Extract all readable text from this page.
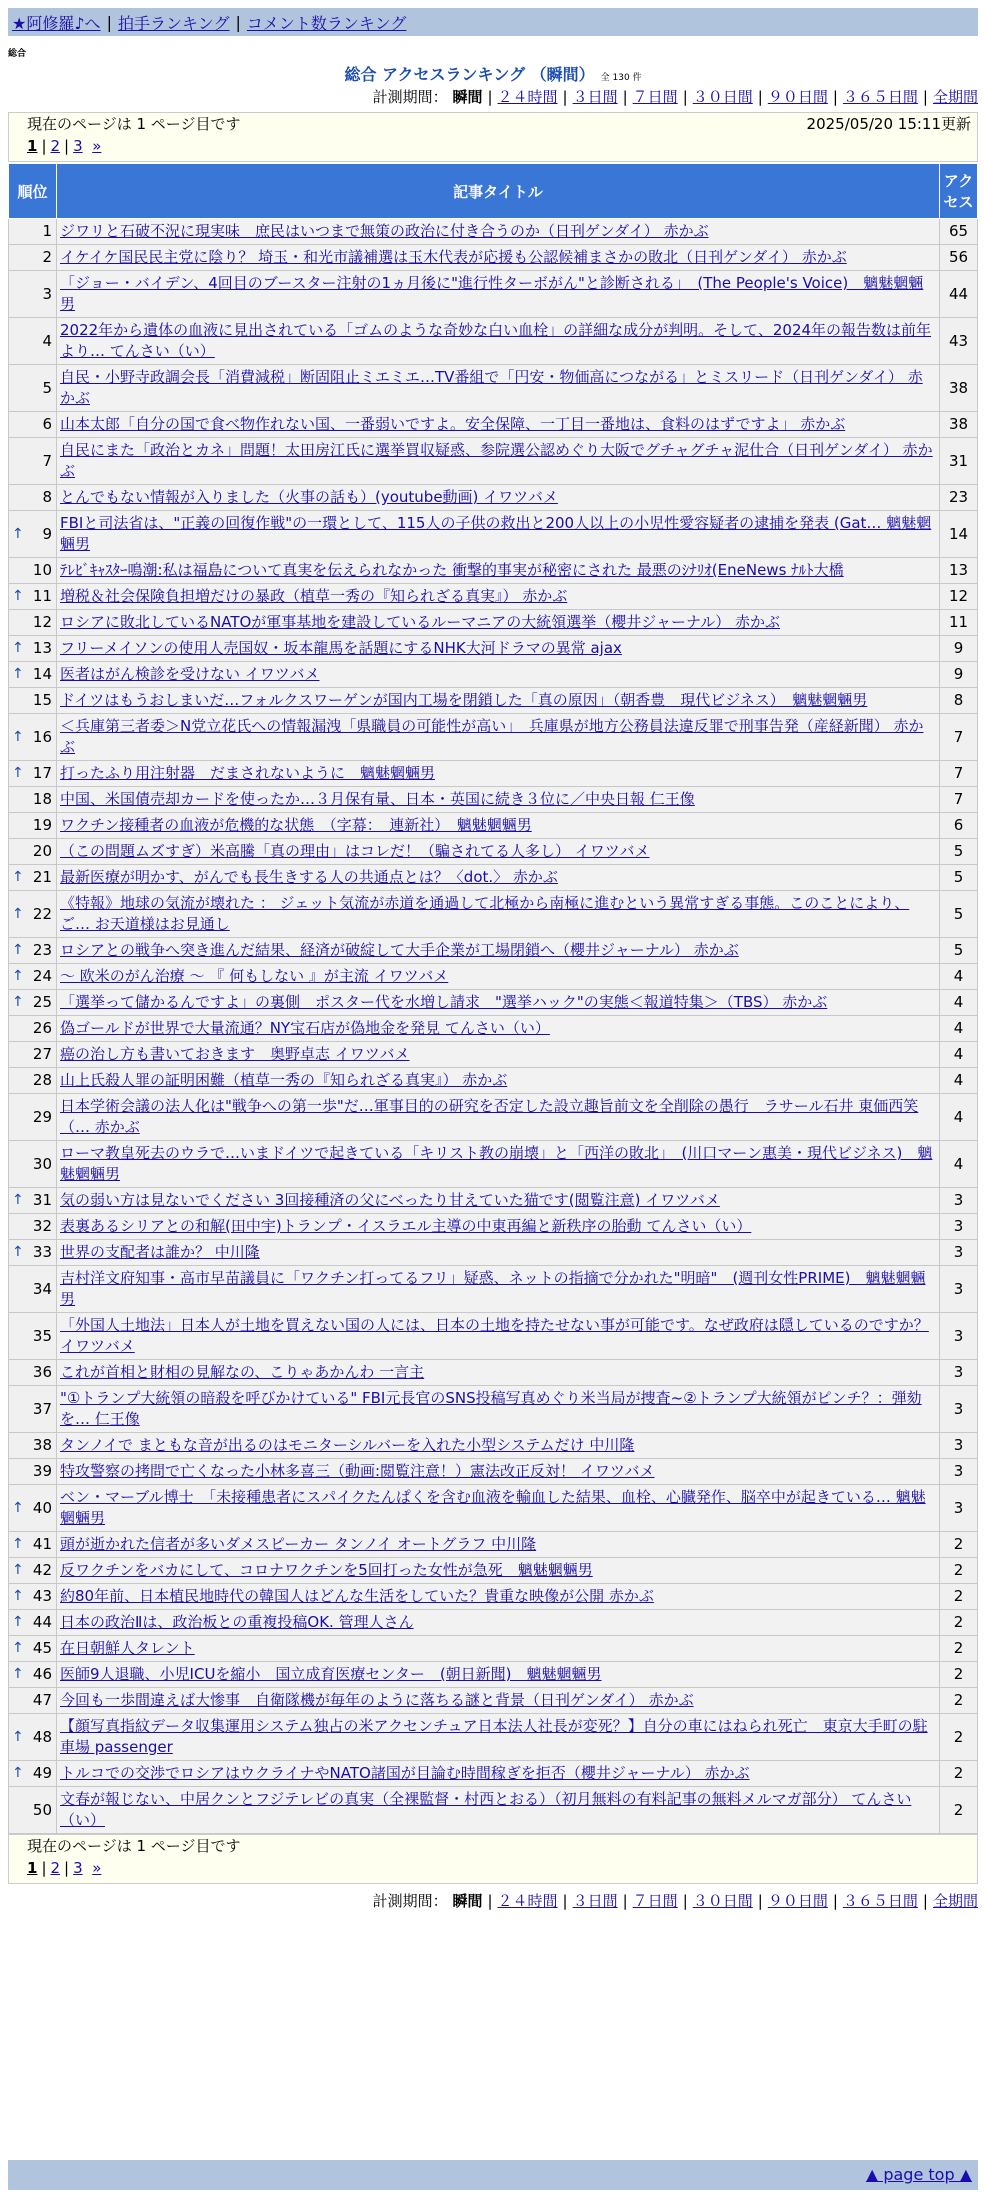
★阿修羅♪へ | 拍手ランキング | コメント数ランキング
総合
総合 アクセスランキング （瞬間） 全 130 件
計測期間： 瞬間 | ２４時間 | ３日間 | ７日間 | ３０日間 | ９０日間 | ３６５日間 | 全期間
現在のページは 1 ページ目です	2025/05/20 15:11更新
1 | 2 | 3 »
順位	記事タイトル	アクセス
1	ジワリと石破不況に現実味　庶民はいつまで無策の政治に付き合うのか（日刊ゲンダイ） 赤かぶ	65
2	イケイケ国民民主党に陰り？ 埼玉・和光市議補選は玉木代表が応援も公認候補まさかの敗北（日刊ゲンダイ） 赤かぶ	56
3	「ジョー・バイデン、4回目のブースター注射の1ヵ月後に"進行性ターボがん"と診断される」　(The People's Voice)　魑魅魍魎男	44
4	2022年から遺体の血液に見出されている「ゴムのような奇妙な白い血栓」の詳細な成分が判明。そして、2024年の報告数は前年より… てんさい（い）	43
5	自民・小野寺政調会長「消費減税」断固阻止ミエミエ…TV番組で「円安・物価高につながる」とミスリード（日刊ゲンダイ） 赤かぶ	38
6	山本太郎「自分の国で食べ物作れない国、一番弱いですよ。安全保障、一丁目一番地は、食料のはずですよ」 赤かぶ	38
7	自民にまた「政治とカネ」問題！太田房江氏に選挙買収疑惑、参院選公認めぐり大阪でグチャグチャ泥仕合（日刊ゲンダイ） 赤かぶ	31
8	とんでもない情報が入りました（火事の話も）(youtube動画) イワツバメ	23

↑ 9	FBIと司法省は、"正義の回復作戦"の一環として、115人の子供の救出と200人以上の小児性愛容疑者の逮捕を発表 (Gat… 魑魅魍魎男	14
10	ﾃﾚﾋﾞｷｬｽﾀｰ鳴潮:私は福島について真実を伝えられなかった 衝撃的事実が秘密にされた 最悪のｼﾅﾘｵ(EneNews ﾅﾙﾄ大橋	13

↑ 11	増税＆社会保険負担増だけの暴政（植草一秀の『知られざる真実』） 赤かぶ	12
12	ロシアに敗北しているNATOが軍事基地を建設しているルーマニアの大統領選挙（櫻井ジャーナル） 赤かぶ	11

↑ 13	フリーメイソンの使用人売国奴・坂本龍馬を話題にするNHK大河ドラマの異常 ajax	9

↑ 14	医者はがん検診を受けない イワツバメ	9
15	ドイツはもうおしまいだ…フォルクスワーゲンが国内工場を閉鎖した「真の原因」（朝香豊　現代ビジネス）　魑魅魍魎男	8

↑ 16	＜兵庫第三者委＞N党立花氏への情報漏洩「県職員の可能性が高い」　兵庫県が地方公務員法違反罪で刑事告発（産経新聞） 赤かぶ	7

↑ 17	打ったふり用注射器　だまされないように　魑魅魍魎男	7
18	中国、米国債売却カードを使ったか…３月保有量、日本・英国に続き３位に／中央日報 仁王像	7
19	ワクチン接種者の血液が危機的な状態　（字幕：　連新社）　魑魅魍魎男	6
20	（この問題ムズすぎ）米高騰「真の理由」はコレだ！（騙されてる人多し） イワツバメ	5

↑ 21	最新医療が明かす、がんでも長生きする人の共通点とは？〈dot.〉 赤かぶ	5

↑ 22	《特報》地球の気流が壊れた ： ジェット気流が赤道を通過して北極から南極に進むという異常すぎる事態。このことにより、ご… お天道様はお見通し	5

↑ 23	ロシアとの戦争へ突き進んだ結果、経済が破綻して大手企業が工場閉鎖へ（櫻井ジャーナル） 赤かぶ	5

↑ 24	～ 欧米のがん治療 ～ 『 何もしない 』が主流 イワツバメ	4

↑ 25	「選挙って儲かるんですよ」の裏側　ポスター代を水増し請求　"選挙ハック"の実態＜報道特集＞（TBS） 赤かぶ	4
26	偽ゴールドが世界で大量流通？NY宝石店が偽地金を発見 てんさい（い）	4
27	癌の治し方も書いておきます　奥野卓志 イワツバメ	4
28	山上氏殺人罪の証明困難（植草一秀の『知られざる真実』） 赤かぶ	4
29	日本学術会議の法人化は"戦争への第一歩"だ…軍事目的の研究を否定した設立趣旨前文を全削除の愚行　ラサール石井 東価西笑（… 赤かぶ	4
30	ローマ教皇死去のウラで…いまドイツで起きている「キリスト教の崩壊」と「西洋の敗北」　(川口マーン惠美・現代ビジネス)　魑魅魍魎男	4

↑ 31	気の弱い方は見ないでください 3回接種済の父にべったり甘えていた猫です(閲覧注意) イワツバメ	3
32	表裏あるシリアとの和解(田中宇)トランプ・イスラエル主導の中東再編と新秩序の胎動 てんさい（い）	3

↑ 33	世界の支配者は誰か？ 中川隆	3
34	吉村洋文府知事・高市早苗議員に「ワクチン打ってるフリ」疑惑、ネットの指摘で分かれた"明暗"　(週刊女性PRIME)　魑魅魍魎男	3
35	「外国人土地法」日本人が土地を買えない国の人には、日本の土地を持たせない事が可能です。なぜ政府は隠しているのですか？ イワツバメ	3
36	これが首相と財相の見解なの、こりゃあかんわ 一言主	3
37	"①トランプ大統領の暗殺を呼びかけている" FBI元長官のSNS投稿写真めぐり米当局が捜査~②トランプ大統領がピンチ？：弾劾を… 仁王像	3
38	タンノイで まともな音が出るのはモニターシルバーを入れた小型システムだけ 中川隆	3
39	特攻警察の拷問で亡くなった小林多喜三（動画:閲覧注意！）憲法改正反対！ イワツバメ	3

↑ 40	ベン・マーブル博士　「未接種患者にスパイクたんぱくを含む血液を輸血した結果、血栓、心臓発作、脳卒中が起きている… 魑魅魍魎男	3

↑ 41	頭が逝かれた信者が多いダメスピーカー タンノイ オートグラフ 中川隆	2

↑ 42	反ワクチンをバカにして、コロナワクチンを5回打った女性が急死　魑魅魍魎男	2

↑ 43	約80年前、日本植民地時代の韓国人はどんな生活をしていた？貴重な映像が公開 赤かぶ	2

↑ 44	日本の政治Ⅱは、政治板との重複投稿OK. 管理人さん	2

↑ 45	在日朝鮮人タレント	2

↑ 46	医師9人退職、小児ICUを縮小　国立成育医療センター　(朝日新聞)　魑魅魍魎男	2
47	今回も一歩間違えば大惨事　自衛隊機が毎年のように落ちる謎と背景（日刊ゲンダイ） 赤かぶ	2

↑ 48	【顔写真指紋データ収集運用システム独占の米アクセンチュア日本法人社長が変死？】自分の車にはねられ死亡　東京大手町の駐車場 passenger	2

↑ 49	トルコでの交渉でロシアはウクライナやNATO諸国が目論む時間稼ぎを拒否（櫻井ジャーナル） 赤かぶ	2
50	文春が報じない、中居クンとフジテレビの真実（全裸監督・村西とおる）（初月無料の有料記事の無料メルマガ部分） てんさい（い）	2
現在のページは 1 ページ目です
1 | 2 | 3 »
計測期間： 瞬間 | ２４時間 | ３日間 | ７日間 | ３０日間 | ９０日間 | ３６５日間 | 全期間
▲ page top ▲
